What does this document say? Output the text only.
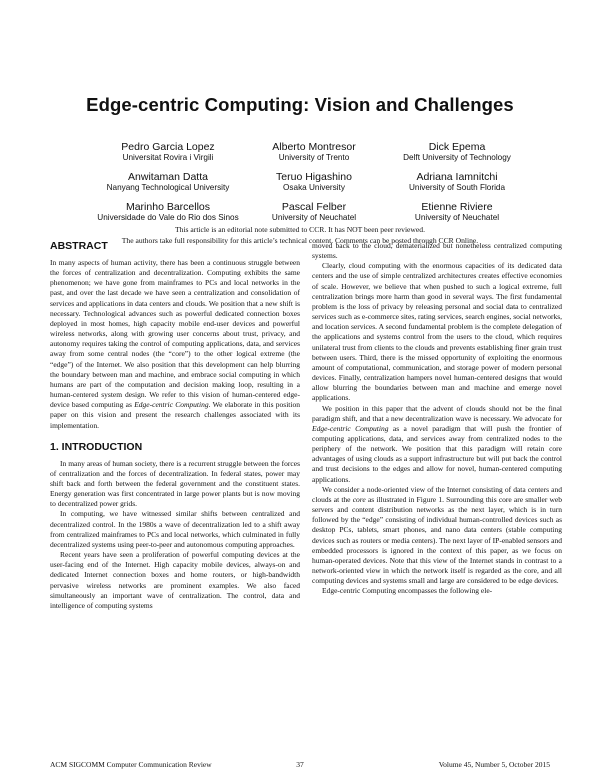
Edge-centric Computing: Vision and Challenges
Pedro Garcia Lopez
Universitat Rovira i Virgili
Alberto Montresor
University of Trento
Dick Epema
Delft University of Technology
Anwitaman Datta
Nanyang Technological University
Teruo Higashino
Osaka University
Adriana Iamnitchi
University of South Florida
Marinho Barcellos
Universidade do Vale do Rio dos Sinos
Pascal Felber
University of Neuchatel
Etienne Riviere
University of Neuchatel
This article is an editorial note submitted to CCR. It has NOT been peer reviewed.
The authors take full responsibility for this article’s technical content. Comments can be posted through CCR Online.
ABSTRACT

In many aspects of human activity, there has been a continuous struggle between the forces of centralization and decentralization. Computing exhibits the same phenomenon; we have gone from mainframes to PCs and local networks in the past, and over the last decade we have seen a centralization and consolidation of services and applications in data centers and clouds. We position that a new shift is necessary. Technological advances such as powerful dedicated connection boxes deployed in most homes, high capacity mobile end-user devices and powerful wireless networks, along with growing user concerns about trust, privacy, and autonomy requires taking the control of computing applications, data, and services away from some central nodes (the “core”) to the other logical extreme (the “edge”) of the Internet. We also position that this development can help blurring the boundary between man and machine, and embrace social computing in which humans are part of the computation and decision making loop, resulting in a human-centered system design. We refer to this vision of human-centered edge-device based computing as Edge-centric Computing. We elaborate in this position paper on this vision and present the research challenges associated with its implementation.

1. INTRODUCTION

In many areas of human society, there is a recurrent struggle between the forces of centralization and the forces of decentralization. In federal states, power may shift back and forth between the federal government and the constituent states. Energy generation was first concentrated in large power plants but is now moving to decentralized power grids.

In computing, we have witnessed similar shifts between centralized and decentralized control. In the 1980s a wave of decentralization led to a shift away from centralized mainframes to PCs and local networks, which culminated in fully decentralized systems using peer-to-peer and autonomous computing approaches.

Recent years have seen a proliferation of powerful computing devices at the user-facing end of the Internet. High capacity mobile devices, always-on and dedicated Internet connection boxes and home routers, or high-bandwidth pervasive wireless networks are prominent examples. We also faced simultaneously an important wave of centralization. The control, data and intelligence of computing systems

moved back to the cloud, dematerialized but nonetheless centralized computing systems.

Clearly, cloud computing with the enormous capacities of its dedicated data centers and the use of simple centralized architectures creates effective economies of scale. However, we believe that when pushed to such a logical extreme, full centralization brings more harm than good in several ways. The first fundamental problem is the loss of privacy by releasing personal and social data to centralized services such as e-commerce sites, rating services, search engines, social networks, and location services. A second fundamental problem is the complete delegation of the applications and systems control from the users to the cloud, which requires unilateral trust from clients to the clouds and prevents establishing finer grain trust between users. Third, there is the missed opportunity of exploiting the enormous amount of computational, communication, and storage power of modern personal devices. Finally, centralization hampers novel human-centered designs that would allow blurring the boundaries between man and machine and emerge novel applications.

We position in this paper that the advent of clouds should not be the final paradigm shift, and that a new decentralization wave is necessary. We advocate for Edge-centric Computing as a novel paradigm that will push the frontier of computing applications, data, and services away from centralized nodes to the periphery of the network. We position that this paradigm will retain core advantages of using clouds as a support infrastructure but will put back the control and trust decisions to the edges and allow for novel, human-centered computing applications.

We consider a node-oriented view of the Internet consisting of data centers and clouds at the core as illustrated in Figure 1. Surrounding this core are smaller web servers and content distribution networks as the next layer, which is in turn followed by the “edge” consisting of individual human-controlled devices such as desktop PCs, tablets, smart phones, and nano data centers (stable computing devices such as routers or media centers). The next layer of IP-enabled sensors and embedded processors is ignored in the context of this paper, as we focus on human-operated devices. Note that this view of the Internet stands in contrast to a network-oriented view in which the network itself is regarded as the core, and all computing devices and systems small and large are considered to be edge devices.

Edge-centric Computing encompasses the following ele-

ACM SIGCOMM Computer Communication Review	37	Volume 45, Number 5, October 2015
